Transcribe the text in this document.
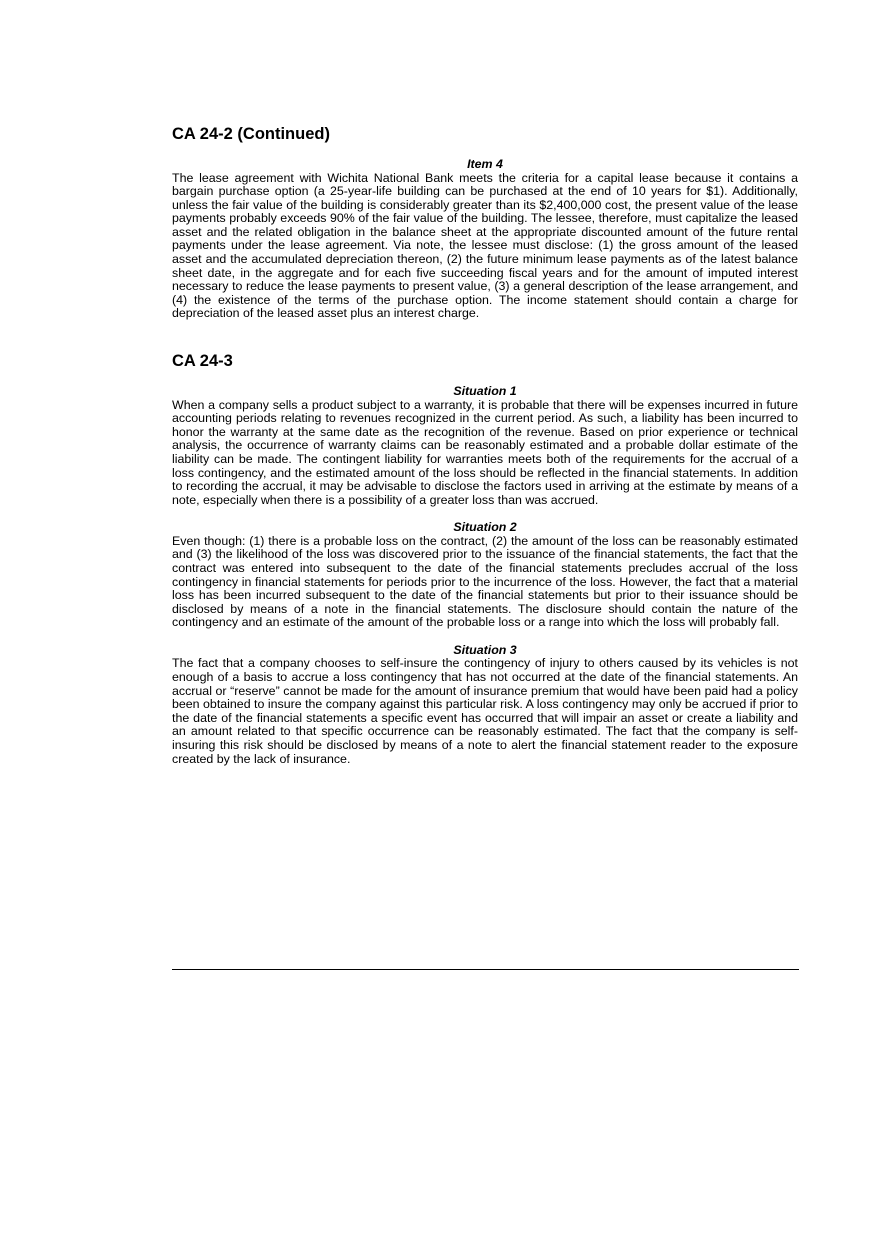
CA 24-2 (Continued)
Item 4

The lease agreement with Wichita National Bank meets the criteria for a capital lease because it contains a bargain purchase option (a 25-year-life building can be purchased at the end of 10 years for $1). Additionally, unless the fair value of the building is considerably greater than its $2,400,000 cost, the present value of the lease payments probably exceeds 90% of the fair value of the building. The lessee, therefore, must capitalize the leased asset and the related obligation in the balance sheet at the appropriate discounted amount of the future rental payments under the lease agreement. Via note, the lessee must disclose: (1) the gross amount of the leased asset and the accumulated depreciation thereon, (2) the future minimum lease payments as of the latest balance sheet date, in the aggregate and for each five succeeding fiscal years and for the amount of imputed interest necessary to reduce the lease payments to present value, (3) a general description of the lease arrangement, and (4) the existence of the terms of the purchase option. The income statement should contain a charge for depreciation of the leased asset plus an interest charge.

CA 24-3
Situation 1

When a company sells a product subject to a warranty, it is probable that there will be expenses incurred in future accounting periods relating to revenues recognized in the current period. As such, a liability has been incurred to honor the warranty at the same date as the recognition of the revenue. Based on prior experience or technical analysis, the occurrence of warranty claims can be reasonably estimated and a probable dollar estimate of the liability can be made. The contingent liability for warranties meets both of the requirements for the accrual of a loss contingency, and the estimated amount of the loss should be reflected in the financial statements. In addition to recording the accrual, it may be advisable to disclose the factors used in arriving at the estimate by means of a note, especially when there is a possibility of a greater loss than was accrued.

Situation 2

Even though: (1) there is a probable loss on the contract, (2) the amount of the loss can be reasonably estimated and (3) the likelihood of the loss was discovered prior to the issuance of the financial statements, the fact that the contract was entered into subsequent to the date of the financial statements precludes accrual of the loss contingency in financial statements for periods prior to the incurrence of the loss. However, the fact that a material loss has been incurred subsequent to the date of the financial statements but prior to their issuance should be disclosed by means of a note in the financial statements. The disclosure should contain the nature of the contingency and an estimate of the amount of the probable loss or a range into which the loss will probably fall.

Situation 3

The fact that a company chooses to self-insure the contingency of injury to others caused by its vehicles is not enough of a basis to accrue a loss contingency that has not occurred at the date of the financial statements. An accrual or “reserve” cannot be made for the amount of insurance premium that would have been paid had a policy been obtained to insure the company against this particular risk. A loss contingency may only be accrued if prior to the date of the financial statements a specific event has occurred that will impair an asset or create a liability and an amount related to that specific occurrence can be reasonably estimated. The fact that the company is self-insuring this risk should be disclosed by means of a note to alert the financial statement reader to the exposure created by the lack of insurance.
